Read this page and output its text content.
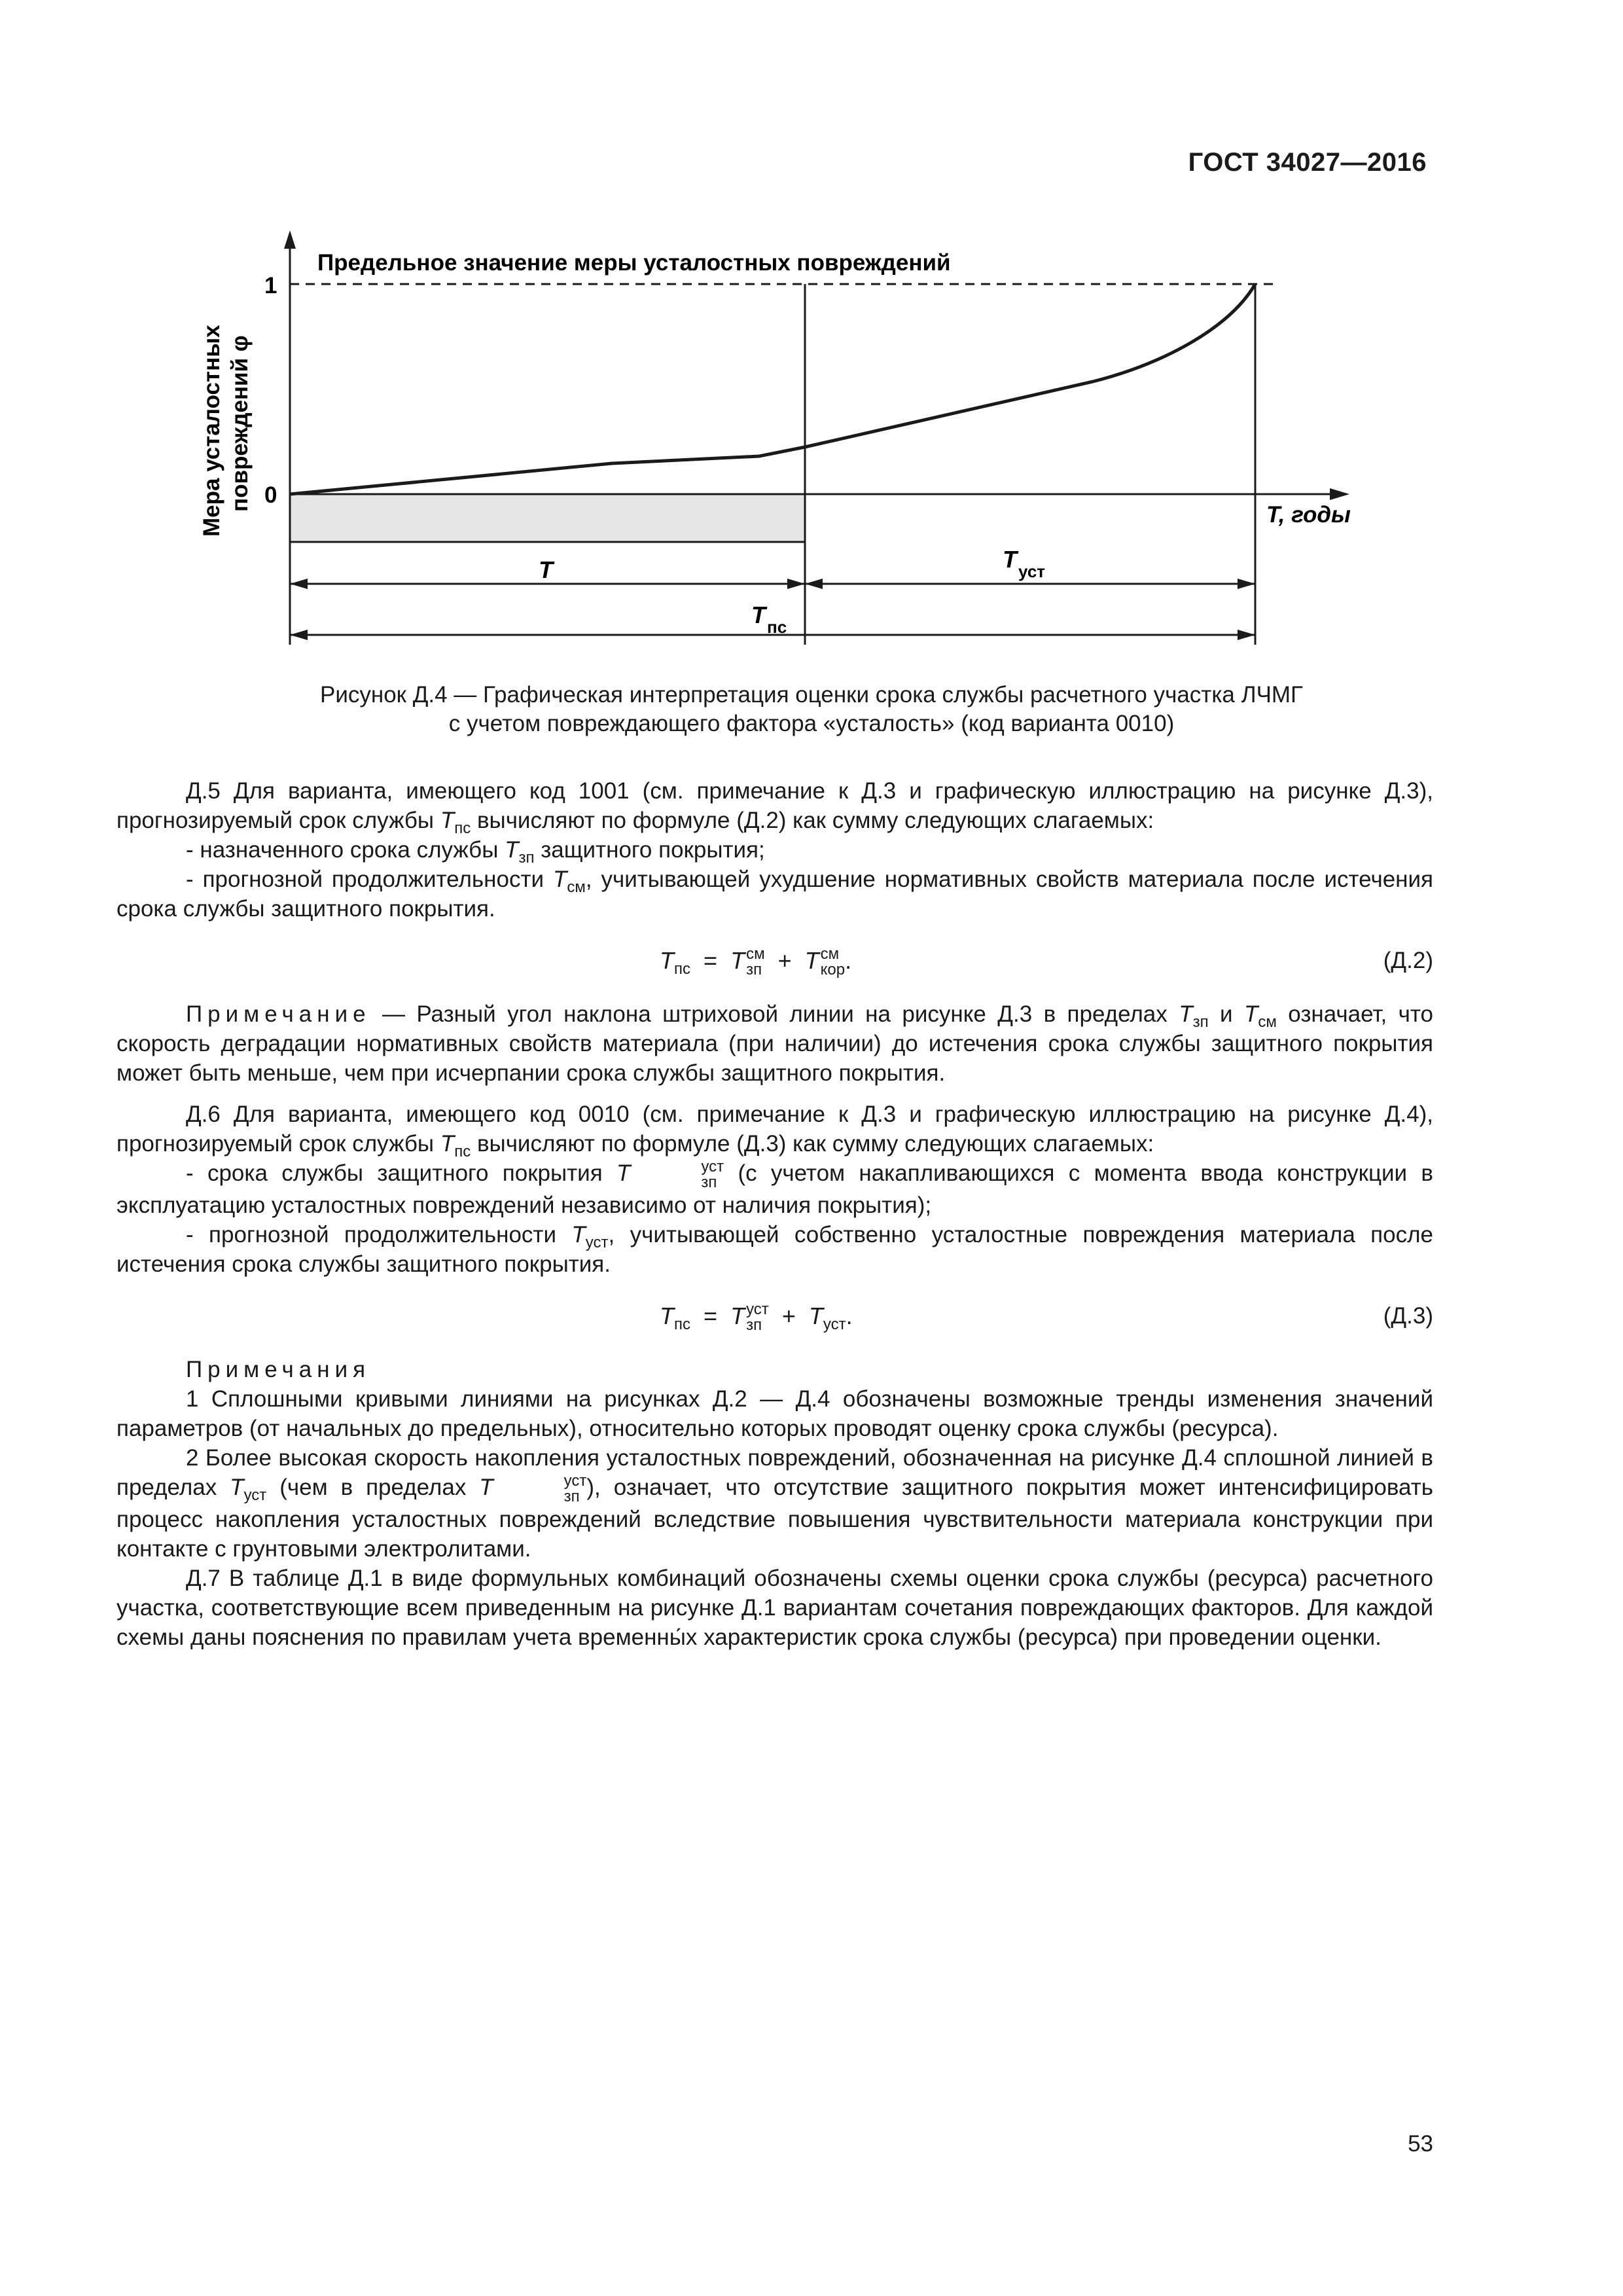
ГОСТ 34027—2016
Предельное значение меры усталостных повреждений
1
0
Мера усталостных повреждений φ
T, годы
T	T уст
T пс
Рисунок Д.4 — Графическая интерпретация оценки срока службы расчетного участка ЛЧМГ
с учетом повреждающего фактора «усталость» (код варианта 0010)

Д.5 Для варианта, имеющего код 1001 (см. примечание к Д.3 и графическую иллюстрацию на рисунке Д.3), прогнозируемый срок службы $T_{пс}$ вычисляют по формуле (Д.2) как сумму следующих слагаемых:

- назначенного срока службы $T_{зп}$ защитного покрытия;

- прогнозной продолжительности $T_{см}$, учитывающей ухудшение нормативных свойств материала после истечения срока службы защитного покрытия.

$T_{пс} = T$ см
зп + T см
кор .	(Д.2)

Примечание — Разный угол наклона штриховой линии на рисунке Д.3 в пределах $T_{зп}$ и $T_{см}$ означает, что скорость деградации нормативных свойств материала (при наличии) до истечения срока службы защитного покрытия может быть меньше, чем при исчерпании срока службы защитного покрытия.

Д.6 Для варианта, имеющего код 0010 (см. примечание к Д.3 и графическую иллюстрацию на рисунке Д.4), прогнозируемый срок службы $T_{пс}$ вычисляют по формуле (Д.3) как сумму следующих слагаемых:

- срока службы защитного покрытия T	уст
зп (с учетом накапливающихся с момента ввода конструкции в эксплуатацию усталостных повреждений независимо от наличия покрытия);

- прогнозной продолжительности $T_{уст}$, учитывающей собственно усталостные повреждения материала после истечения срока службы защитного покрытия.

$T_{пс} = T$ уст
зп + $T_{уст}$.	(Д.3)

Примечания

1 Сплошными кривыми линиями на рисунках Д.2 — Д.4 обозначены возможные тренды изменения значений параметров (от начальных до предельных), относительно которых проводят оценку срока службы (ресурса).

2 Более высокая скорость накопления усталостных повреждений, обозначенная на рисунке Д.4 сплошной линией в пределах $T_{уст}$ (чем в пределах T	уст
зп ), означает, что отсутствие защитного покрытия может интенсифицировать процесс накопления усталостных повреждений вследствие повышения чувствительности материала конструкции при контакте с грунтовыми электролитами.

Д.7 В таблице Д.1 в виде формульных комбинаций обозначены схемы оценки срока службы (ресурса) расчетного участка, соответствующие всем приведенным на рисунке Д.1 вариантам сочетания повреждающих факторов. Для каждой схемы даны пояснения по правилам учета временны́х характеристик срока службы (ресурса) при проведении оценки.

53
